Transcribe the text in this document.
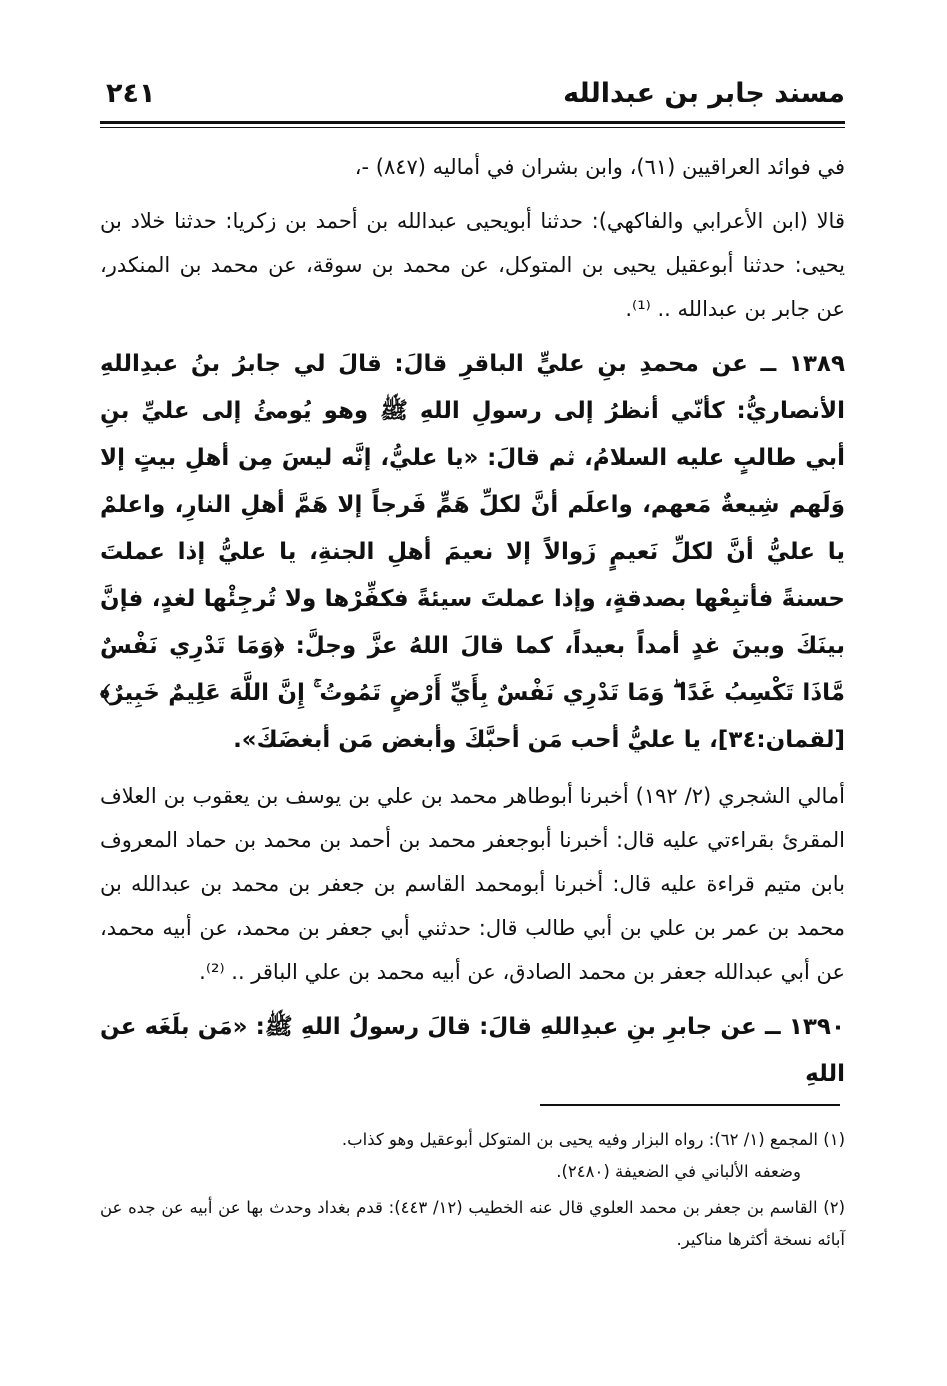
مسند جابر بن عبدالله
٢٤١

في فوائد العراقيين (٦١)، وابن بشران في أماليه (٨٤٧) -،

قالا (ابن الأعرابي والفاكهي): حدثنا أبويحيى عبدالله بن أحمد بن زكريا: حدثنا خلاد بن يحيى: حدثنا أبوعقيل يحيى بن المتوكل، عن محمد بن سوقة، عن محمد بن المنكدر، عن جابر بن عبدالله .. ⁽¹⁾.

١٣٨٩ ــ عن محمدِ بنِ عليٍّ الباقرِ قالَ: قالَ لي جابرُ بنُ عبدِاللهِ الأنصاريُّ: كأنّي أنظرُ إلى رسولِ اللهِ ﷺ وهو يُومئُ إلى عليِّ بنِ أبي طالبٍ عليه السلامُ، ثم قالَ: «يا عليُّ، إنَّه ليسَ مِن أهلِ بيتٍ إلا وَلَهم شِيعةٌ مَعهم، واعلَم أنَّ لكلِّ هَمٍّ فَرجاً إلا هَمَّ أهلِ النارِ، واعلمْ يا عليُّ أنَّ لكلِّ نَعيمٍ زَوالاً إلا نعيمَ أهلِ الجنةِ، يا عليُّ إذا عملتَ حسنةً فأتبِعْها بصدقةٍ، وإذا عملتَ سيئةً فكفِّرْها ولا تُرجِئْها لغدٍ، فإنَّ بينَكَ وبينَ غدٍ أمداً بعيداً، كما قالَ اللهُ عزَّ وجلَّ: ﴿وَمَا تَدْرِي نَفْسٌ مَّاذَا تَكْسِبُ غَدًا ۖ وَمَا تَدْرِي نَفْسٌ بِأَيِّ أَرْضٍ تَمُوتُ ۚ إِنَّ اللَّهَ عَلِيمٌ خَبِيرٌ﴾ [لقمان:٣٤]، يا عليُّ أحب مَن أحبَّكَ وأبغض مَن أبغضَكَ».

أمالي الشجري (٢/ ١٩٢) أخبرنا أبوطاهر محمد بن علي بن يوسف بن يعقوب بن العلاف المقرئ بقراءتي عليه قال: أخبرنا أبوجعفر محمد بن أحمد بن محمد بن حماد المعروف بابن متيم قراءة عليه قال: أخبرنا أبومحمد القاسم بن جعفر بن محمد بن عبدالله بن محمد بن عمر بن علي بن أبي طالب قال: حدثني أبي جعفر بن محمد، عن أبيه محمد، عن أبي عبدالله جعفر بن محمد الصادق، عن أبيه محمد بن علي الباقر .. ⁽²⁾.

١٣٩٠ ــ عن جابرِ بنِ عبدِاللهِ قالَ: قالَ رسولُ اللهِ ﷺ: «مَن بلَغَه عن اللهِ

(١) المجمع (١/ ٦٢): رواه البزار وفيه يحيى بن المتوكل أبوعقيل وهو كذاب.
وضعفه الألباني في الضعيفة (٢٤٨٠).

(٢) القاسم بن جعفر بن محمد العلوي قال عنه الخطيب (١٢/ ٤٤٣): قدم بغداد وحدث بها عن أبيه عن جده عن آبائه نسخة أكثرها مناكير.
